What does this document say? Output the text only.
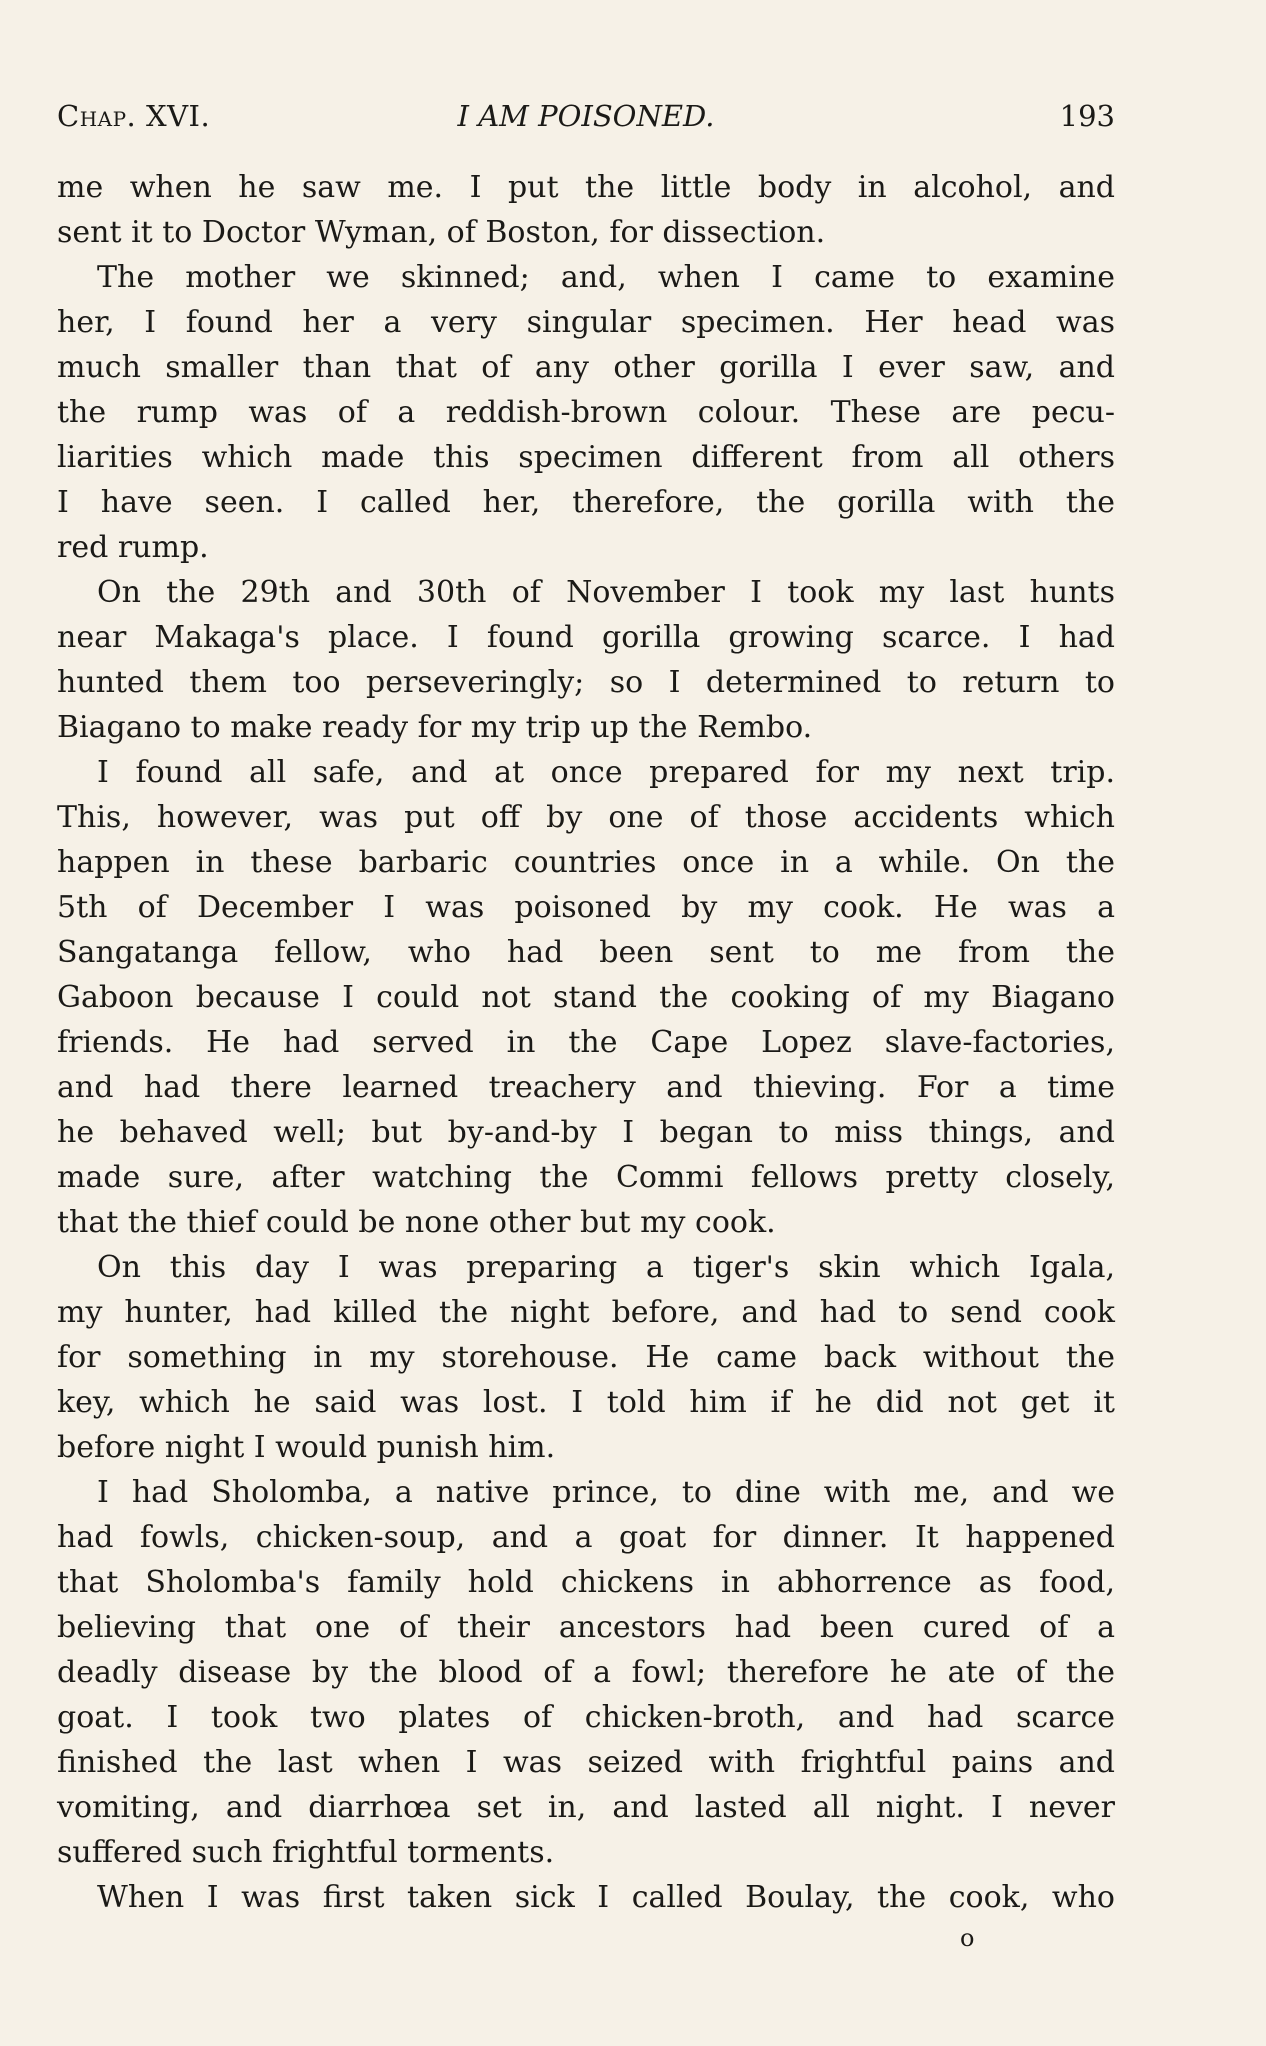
Chap. XVI.	I AM POISONED.	193
me when he saw me. I put the little body in alcohol, and
sent it to Doctor Wyman, of Boston, for dissection.
The mother we skinned; and, when I came to examine
her, I found her a very singular specimen. Her head was
much smaller than that of any other gorilla I ever saw, and
the rump was of a reddish-brown colour. These are pecu-
liarities which made this specimen different from all others
I have seen. I called her, therefore, the gorilla with the
red rump.
On the 29th and 30th of November I took my last hunts
near Makaga's place. I found gorilla growing scarce. I had
hunted them too perseveringly; so I determined to return to
Biagano to make ready for my trip up the Rembo.
I found all safe, and at once prepared for my next trip.
This, however, was put off by one of those accidents which
happen in these barbaric countries once in a while. On the
5th of December I was poisoned by my cook. He was a
Sangatanga fellow, who had been sent to me from the
Gaboon because I could not stand the cooking of my Biagano
friends. He had served in the Cape Lopez slave-factories,
and had there learned treachery and thieving. For a time
he behaved well; but by-and-by I began to miss things, and
made sure, after watching the Commi fellows pretty closely,
that the thief could be none other but my cook.
On this day I was preparing a tiger's skin which Igala,
my hunter, had killed the night before, and had to send cook
for something in my storehouse. He came back without the
key, which he said was lost. I told him if he did not get it
before night I would punish him.
I had Sholomba, a native prince, to dine with me, and we
had fowls, chicken-soup, and a goat for dinner. It happened
that Sholomba's family hold chickens in abhorrence as food,
believing that one of their ancestors had been cured of a
deadly disease by the blood of a fowl; therefore he ate of the
goat. I took two plates of chicken-broth, and had scarce
finished the last when I was seized with frightful pains and
vomiting, and diarrhœa set in, and lasted all night. I never
suffered such frightful torments.
When I was first taken sick I called Boulay, the cook, who
o
